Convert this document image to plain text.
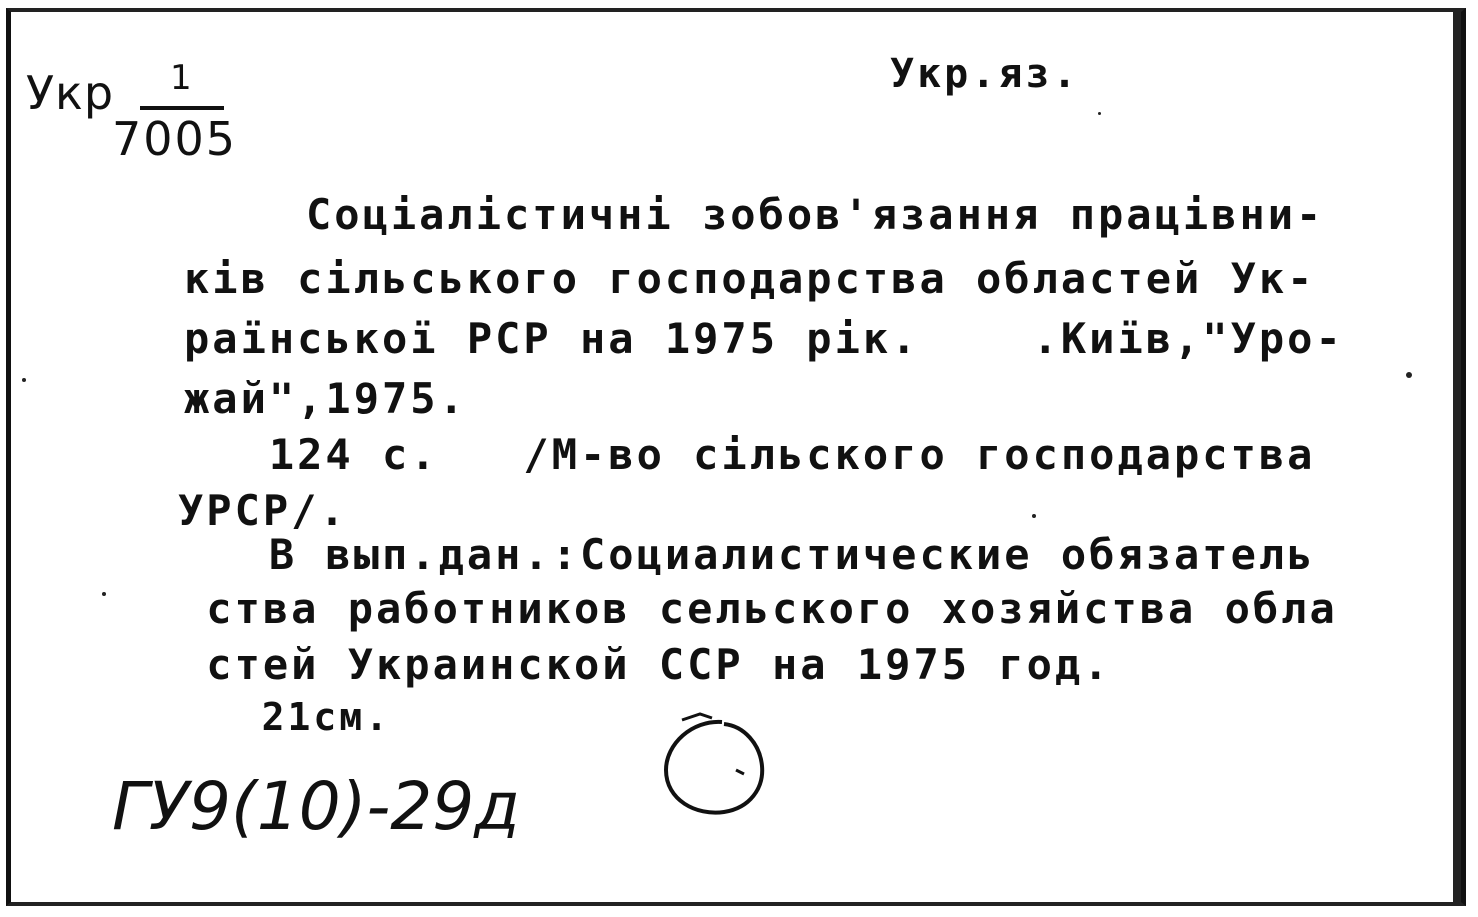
Укр 1
7005
Укр.яз.
Соціалістичні зобов'язання працівни-
ків сільського господарства областей Ук-
раїнської РСР на 1975 рік.    .Київ,"Уро-
жай",1975.
124 с.   /М-во сільского господарства
УРСР/.
В вып.дан.:Социалистические обязатель
ства работников сельского хозяйства обла
стей Украинской ССР на 1975 год.
21см.
ГУ9(10)-29д
